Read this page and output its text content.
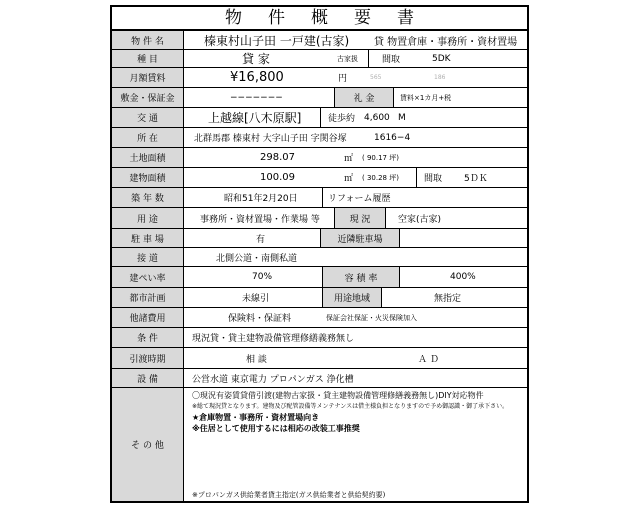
物件概要書
物 件 名	榛東村山子田 一戸建(古家) 貸 物置倉庫・事務所・資材置場
種 目	貸 家	古家扱	間取	5DK
月額賃料	¥16,800	円	565	186
敷金・保証金	−−−−−−−	礼 金	賃料×1カ月+税
交 通	上越線[八木原駅]	徒歩約 4,600 M
所 在	北群馬郡 榛東村 大字山子田 字関谷塚	1616−4
土地面積	298.07	㎡ ( 90.17 坪)
建物面積	100.09	㎡ ( 30.28 坪)	間取 5ＤＫ
築 年 数	昭和51年2月20日	リフォーム履歴
用 途	事務所・資材置場・作業場 等	現 況	空家(古家)
駐 車 場	有	近隣駐車場
接 道	北側公道・南側私道
建ぺい率	70%	容 積 率	400%
都市計画	未線引	用途地域	無指定
他諸費用	保険料・保証料	保証会社保証・火災保険加入
条 件	現況貸・貸主建物設備管理修繕義務無し
引渡時期	相 談	Ａ Ｄ
設 備	公営水道 東京電力 プロパンガス 浄化槽
そ の 他
〇現況有姿賃貸借引渡(建物古家扱・貸主建物設備管理修繕義務無し)DIY対応物件
※総て現況貸となります。建物及び配管設備等メンテナンスは借主様負担となりますので予め御認識・御了承下さい。
★倉庫物置・事務所・資材置場向き
※住居として使用するには相応の改装工事推奨
※プロパンガス供給業者貸主指定(ガス供給業者と供給契約要)
